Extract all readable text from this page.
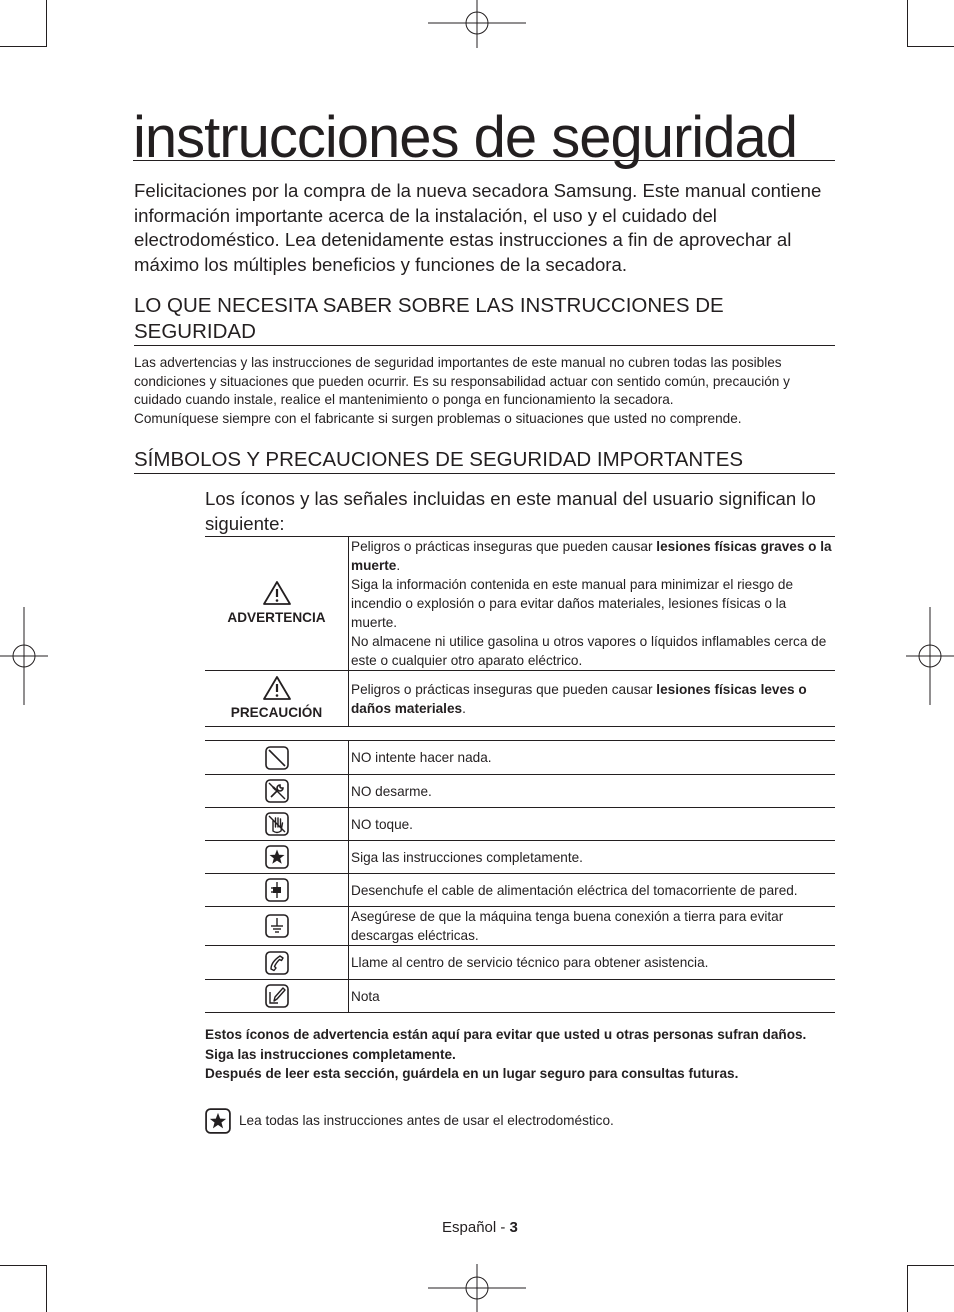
instrucciones de seguridad
Felicitaciones por la compra de la nueva secadora Samsung. Este manual contiene información importante acerca de la instalación, el uso y el cuidado del electrodoméstico. Lea detenidamente estas instrucciones a fin de aprovechar al máximo los múltiples beneficios y funciones de la secadora.
LO QUE NECESITA SABER SOBRE LAS INSTRUCCIONES DE SEGURIDAD
Las advertencias y las instrucciones de seguridad importantes de este manual no cubren todas las posibles condiciones y situaciones que pueden ocurrir. Es su responsabilidad actuar con sentido común, precaución y cuidado cuando instale, realice el mantenimiento o ponga en funcionamiento la secadora.
Comuníquese siempre con el fabricante si surgen problemas o situaciones que usted no comprende.
SÍMBOLOS Y PRECAUCIONES DE SEGURIDAD IMPORTANTES
Los íconos y las señales incluidas en este manual del usuario significan lo siguiente:
ADVERTENCIA	Peligros o prácticas inseguras que pueden causar lesiones físicas graves o la muerte.
Siga la información contenida en este manual para minimizar el riesgo de incendio o explosión o para evitar daños materiales, lesiones físicas o la muerte.
No almacene ni utilice gasolina u otros vapores o líquidos inflamables cerca de este o cualquier otro aparato eléctrico.

PRECAUCIÓN	Peligros o prácticas inseguras que pueden causar lesiones físicas leves o daños materiales.

	NO intente hacer nada.
	NO desarme.
	NO toque.
	Siga las instrucciones completamente.
	Desenchufe el cable de alimentación eléctrica del tomacorriente de pared.
	Asegúrese de que la máquina tenga buena conexión a tierra para evitar descargas eléctricas.
	Llame al centro de servicio técnico para obtener asistencia.
	Nota
Estos íconos de advertencia están aquí para evitar que usted u otras personas sufran daños.
Siga las instrucciones completamente.
Después de leer esta sección, guárdela en un lugar seguro para consultas futuras.
Lea todas las instrucciones antes de usar el electrodoméstico.
Español - 3
